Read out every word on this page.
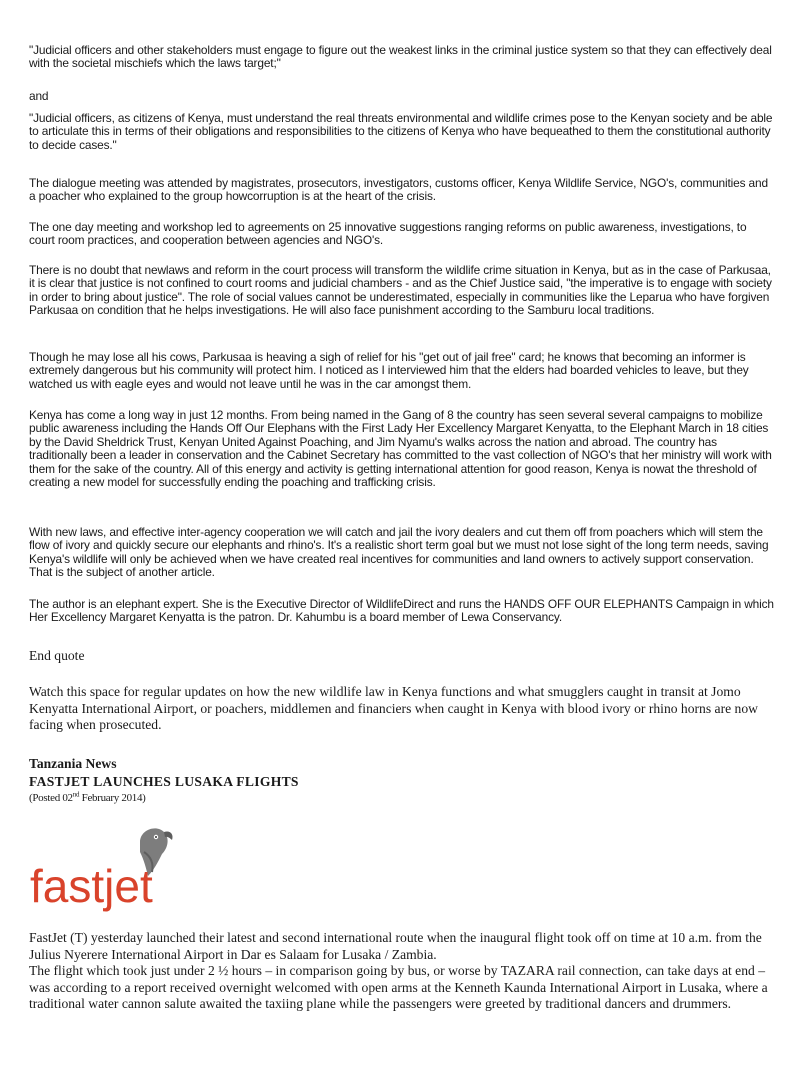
"Judicial officers and other stakeholders must engage to figure out the weakest links in the criminal justice system so that they can effectively deal with the societal mischiefs which the laws target;"

and

"Judicial officers, as citizens of Kenya, must understand the real threats environmental and wildlife crimes pose to the Kenyan society and be able to articulate this in terms of their obligations and responsibilities to the citizens of Kenya who have bequeathed to them the constitutional authority to decide cases."

The dialogue meeting was attended by magistrates, prosecutors, investigators, customs officer, Kenya Wildlife Service, NGO's, communities and a poacher who explained to the group howcorruption is at the heart of the crisis.

The one day meeting and workshop led to agreements on 25 innovative suggestions ranging reforms on public awareness, investigations, to court room practices, and cooperation between agencies and NGO's.

There is no doubt that newlaws and reform in the court process will transform the wildlife crime situation in Kenya, but as in the case of Parkusaa, it is clear that justice is not confined to court rooms and judicial chambers - and as the Chief Justice said, "the imperative is to engage with society in order to bring about justice". The role of social values cannot be underestimated, especially in communities like the Leparua who have forgiven Parkusaa on condition that he helps investigations. He will also face punishment according to the Samburu local traditions.

Though he may lose all his cows, Parkusaa is heaving a sigh of relief for his "get out of jail free" card; he knows that becoming an informer is extremely dangerous but his community will protect him. I noticed as I interviewed him that the elders had boarded vehicles to leave, but they watched us with eagle eyes and would not leave until he was in the car amongst them.

Kenya has come a long way in just 12 months. From being named in the Gang of 8 the country has seen several several campaigns to mobilize public awareness including the Hands Off Our Elephans with the First Lady Her Excellency Margaret Kenyatta, to the Elephant March in 18 cities by the David Sheldrick Trust, Kenyan United Against Poaching, and Jim Nyamu's walks across the nation and abroad. The country has traditionally been a leader in conservation and the Cabinet Secretary has committed to the vast collection of NGO's that her ministry will work with them for the sake of the country. All of this energy and activity is getting international attention for good reason, Kenya is nowat the threshold of creating a new model for successfully ending the poaching and trafficking crisis.

With new laws, and effective inter-agency cooperation we will catch and jail the ivory dealers and cut them off from poachers which will stem the flow of ivory and quickly secure our elephants and rhino's. It's a realistic short term goal but we must not lose sight of the long term needs, saving Kenya's wildlife will only be achieved when we have created real incentives for communities and land owners to actively support conservation. That is the subject of another article.

The author is an elephant expert. She is the Executive Director of WildlifeDirect and runs the HANDS OFF OUR ELEPHANTS Campaign in which Her Excellency Margaret Kenyatta is the patron. Dr. Kahumbu is a board member of Lewa Conservancy.

End quote

Watch this space for regular updates on how the new wildlife law in Kenya functions and what smugglers caught in transit at Jomo Kenyatta International Airport, or poachers, middlemen and financiers when caught in Kenya with blood ivory or rhino horns are now facing when prosecuted.

Tanzania News

FASTJET LAUNCHES LUSAKA FLIGHTS

(Posted 02nd February 2014)

fastjet

FastJet (T) yesterday launched their latest and second international route when the inaugural flight took off on time at 10 a.m. from the Julius Nyerere International Airport in Dar es Salaam for Lusaka / Zambia.

The flight which took just under 2 ½ hours – in comparison going by bus, or worse by TAZARA rail connection, can take days at end – was according to a report received overnight welcomed with open arms at the Kenneth Kaunda International Airport in Lusaka, where a traditional water cannon salute awaited the taxiing plane while the passengers were greeted by traditional dancers and drummers.
